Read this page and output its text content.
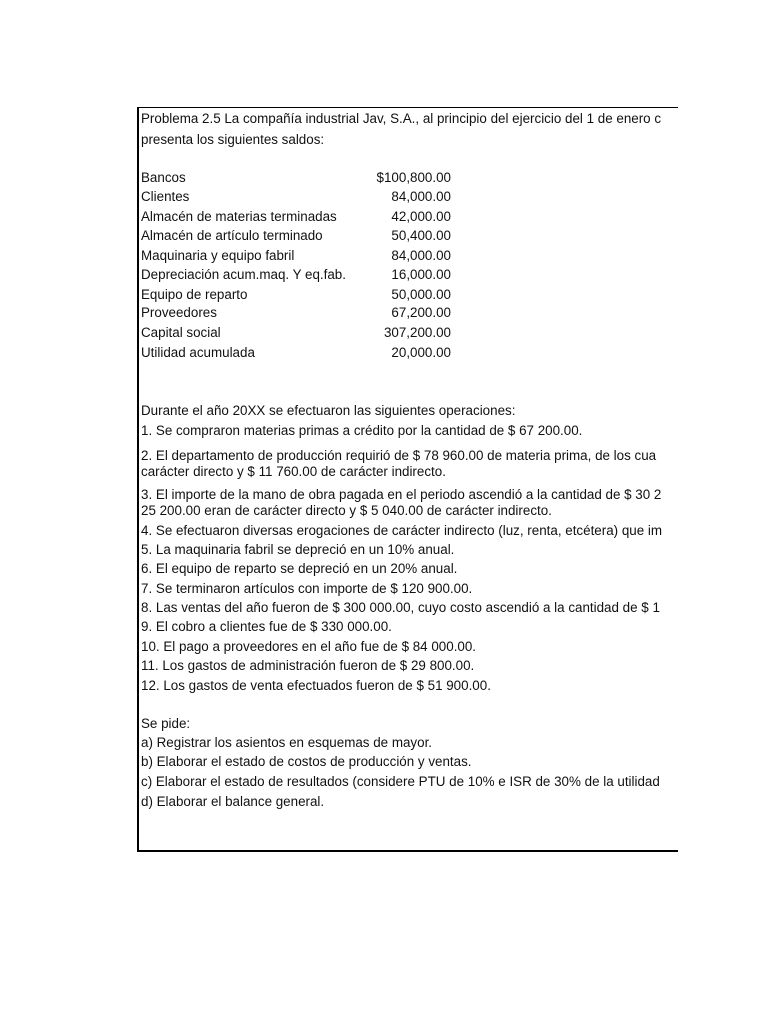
Problema 2.5 La compañía industrial Jav, S.A., al principio del ejercicio del 1 de enero c
presenta los siguientes saldos:
Bancos	$100,800.00
Clientes	84,000.00
Almacén de materias terminadas	42,000.00
Almacén de artículo terminado	50,400.00
Maquinaria y equipo fabril	84,000.00
Depreciación acum.maq. Y eq.fab.	16,000.00
Equipo de reparto	50,000.00
Proveedores	67,200.00
Capital social	307,200.00
Utilidad acumulada	20,000.00
Durante el año 20XX se efectuaron las siguientes operaciones:
1. Se compraron materias primas a crédito por la cantidad de $ 67 200.00.
2. El departamento de producción requirió de $ 78 960.00 de materia prima, de los cua
carácter directo y $ 11 760.00 de carácter indirecto.
3. El importe de la mano de obra pagada en el periodo ascendió a la cantidad de $ 30 2
25 200.00 eran de carácter directo y $ 5 040.00 de carácter indirecto.
4. Se efectuaron diversas erogaciones de carácter indirecto (luz, renta, etcétera) que im
5. La maquinaria fabril se depreció en un 10% anual.
6. El equipo de reparto se depreció en un 20% anual.
7. Se terminaron artículos con importe de $ 120 900.00.
8. Las ventas del año fueron de $ 300 000.00, cuyo costo ascendió a la cantidad de $ 1
9. El cobro a clientes fue de $ 330 000.00.
10. El pago a proveedores en el año fue de $ 84 000.00.
11. Los gastos de administración fueron de $ 29 800.00.
12. Los gastos de venta efectuados fueron de $ 51 900.00.
Se pide:
a) Registrar los asientos en esquemas de mayor.
b) Elaborar el estado de costos de producción y ventas.
c) Elaborar el estado de resultados (considere PTU de 10% e ISR de 30% de la utilidad
d) Elaborar el balance general.
